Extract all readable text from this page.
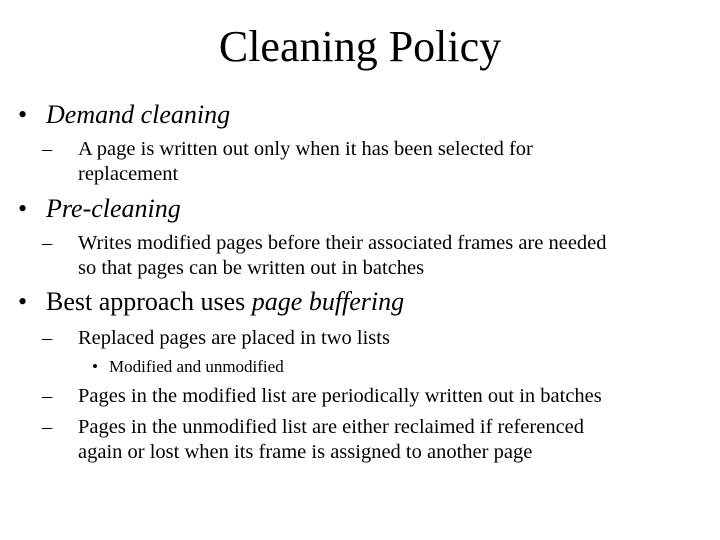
Cleaning Policy
• Demand cleaning
– A page is written out only when it has been selected for
replacement
• Pre-cleaning
– Writes modified pages before their associated frames are needed
so that pages can be written out in batches
• Best approach uses page buffering
– Replaced pages are placed in two lists
• Modified and unmodified
– Pages in the modified list are periodically written out in batches
– Pages in the unmodified list are either reclaimed if referenced
again or lost when its frame is assigned to another page
